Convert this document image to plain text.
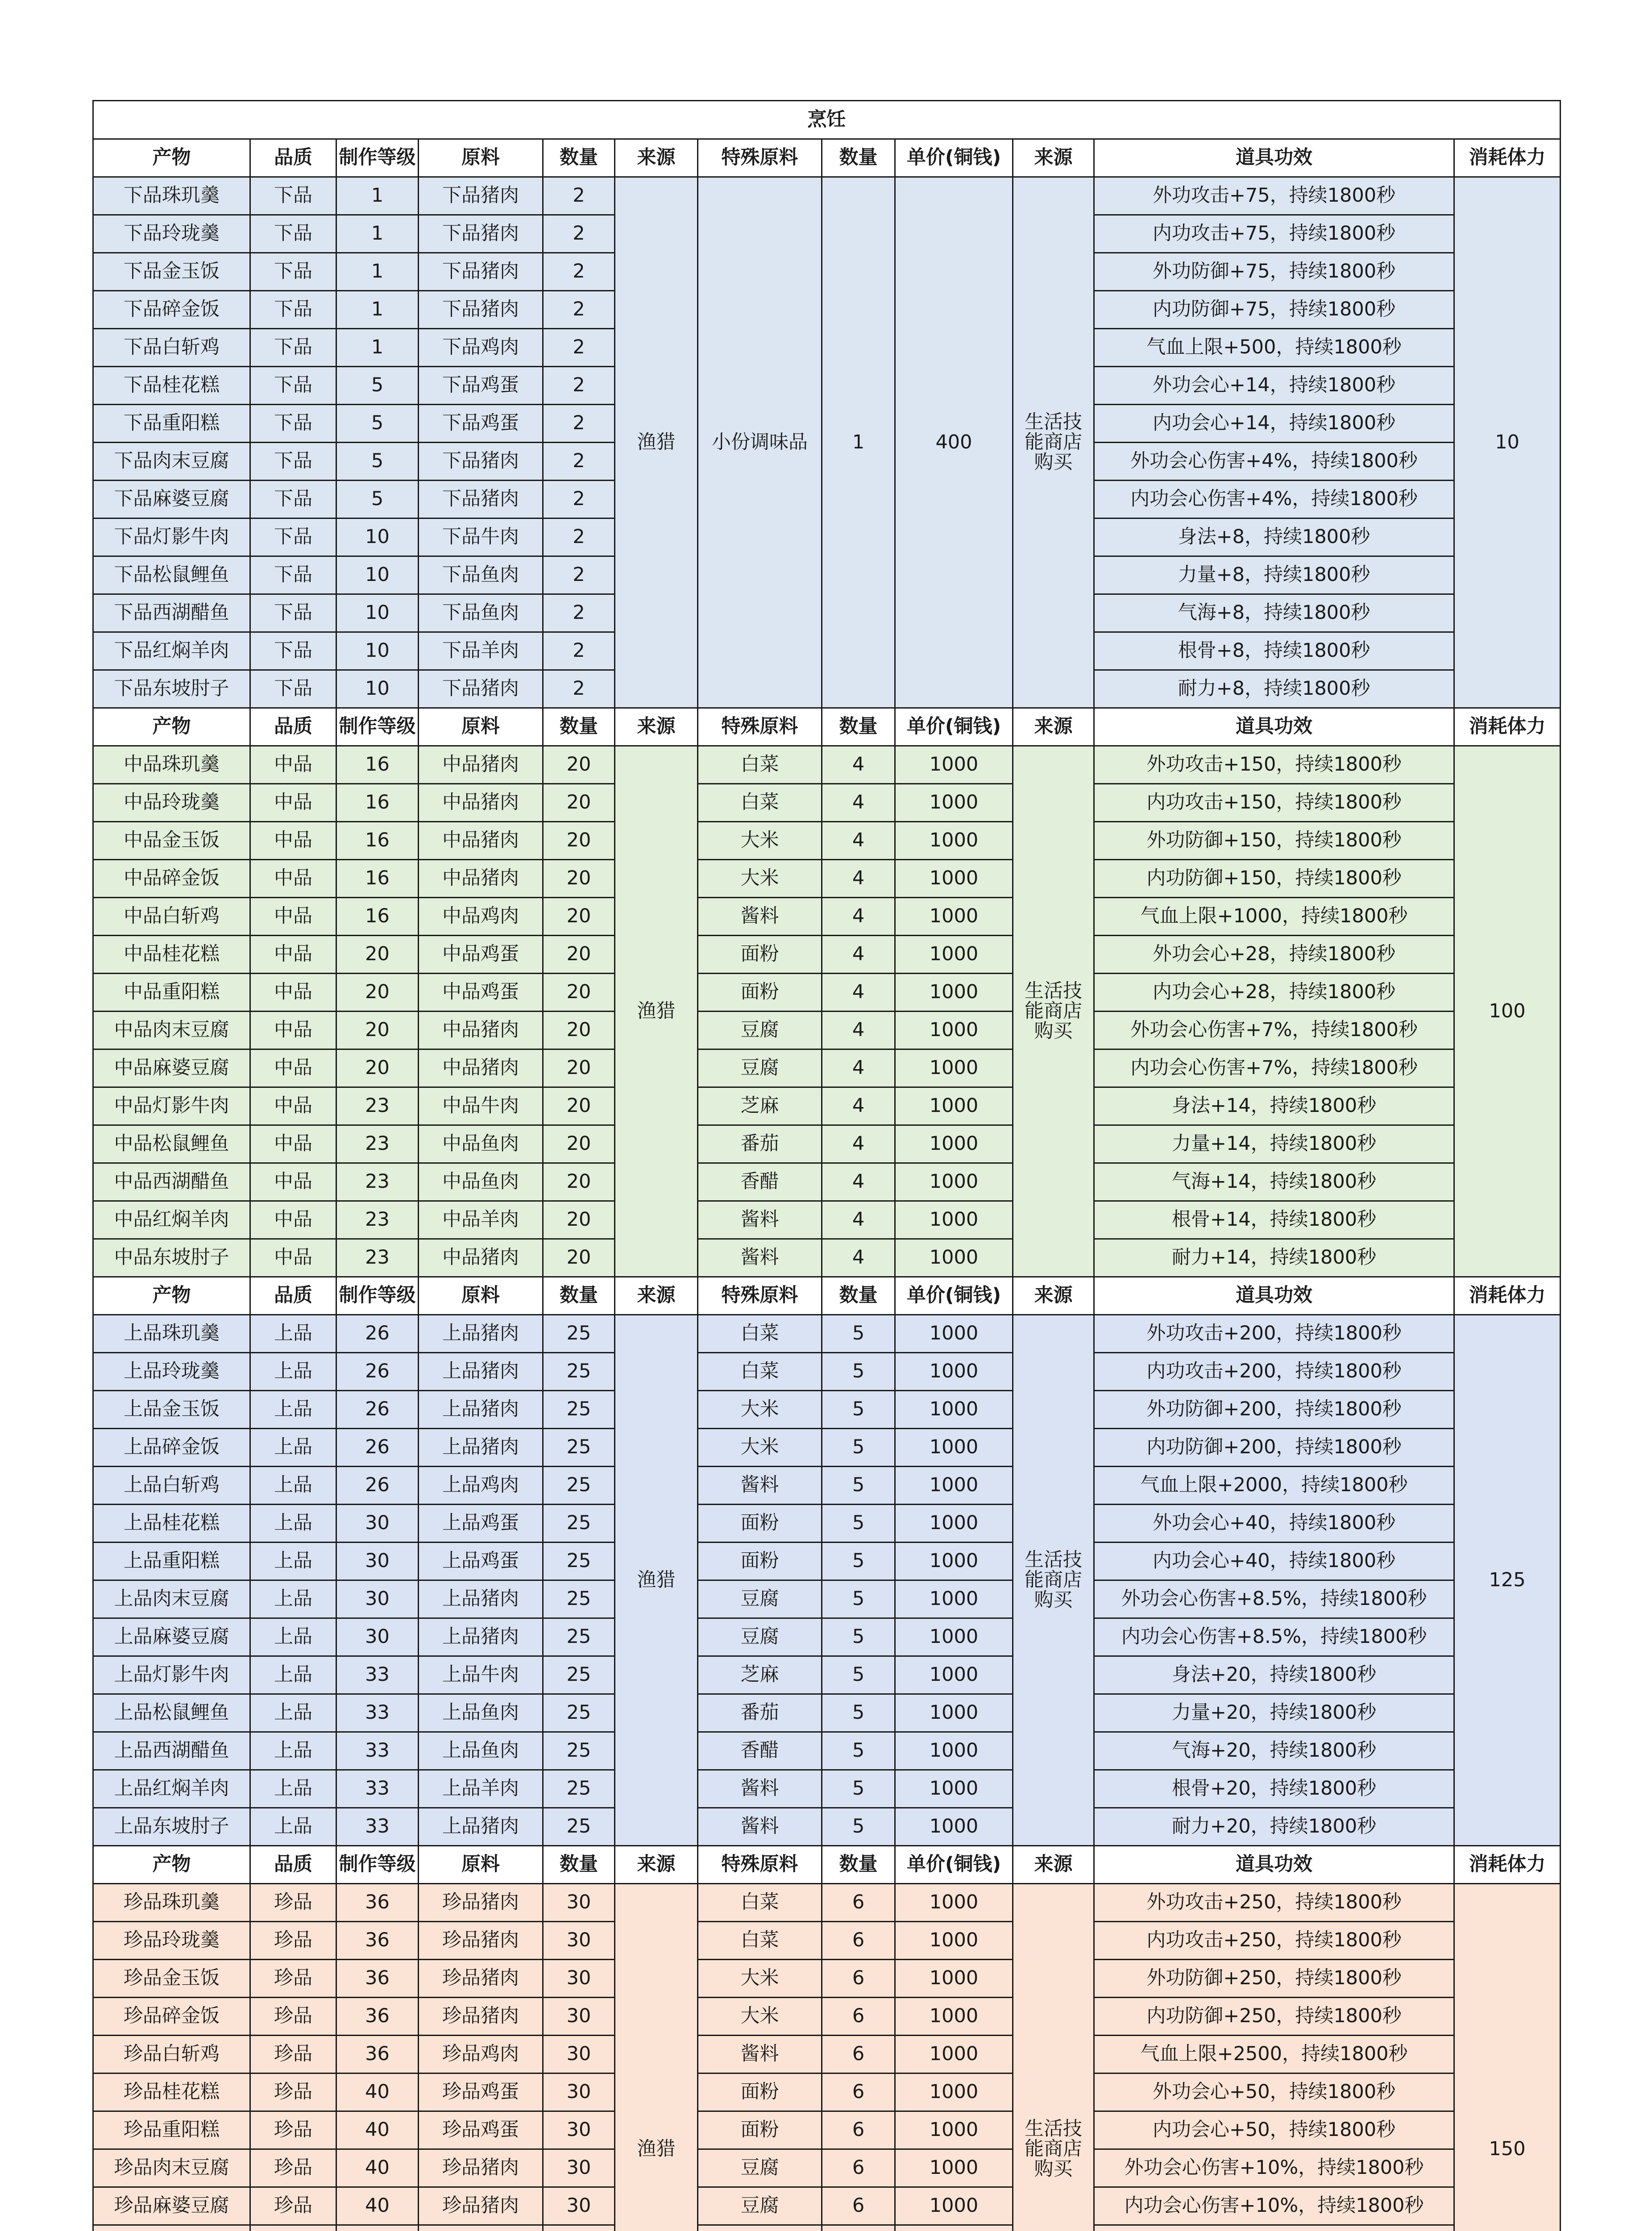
烹饪											
产物	品质	制作等级	原料	数量	来源	特殊原料	数量	单价(铜钱)	来源	道具功效	消耗体力
下品珠玑羹	下品	1	下品猪肉	2	渔猎	小份调味品	1	400	生活技能商店购买	外功攻击+75，持续1800秒	10
下品玲珑羹	下品	1	下品猪肉	2						内功攻击+75，持续1800秒	
下品金玉饭	下品	1	下品猪肉	2						外功防御+75，持续1800秒	
下品碎金饭	下品	1	下品猪肉	2						内功防御+75，持续1800秒	
下品白斩鸡	下品	1	下品鸡肉	2						气血上限+500，持续1800秒	
下品桂花糕	下品	5	下品鸡蛋	2						外功会心+14，持续1800秒	
下品重阳糕	下品	5	下品鸡蛋	2						内功会心+14，持续1800秒	
下品肉末豆腐	下品	5	下品猪肉	2						外功会心伤害+4%，持续1800秒	
下品麻婆豆腐	下品	5	下品猪肉	2						内功会心伤害+4%，持续1800秒	
下品灯影牛肉	下品	10	下品牛肉	2						身法+8，持续1800秒	
下品松鼠鲤鱼	下品	10	下品鱼肉	2						力量+8，持续1800秒	
下品西湖醋鱼	下品	10	下品鱼肉	2						气海+8，持续1800秒	
下品红焖羊肉	下品	10	下品羊肉	2						根骨+8，持续1800秒	
下品东坡肘子	下品	10	下品猪肉	2						耐力+8，持续1800秒	
产物	品质	制作等级	原料	数量	来源	特殊原料	数量	单价(铜钱)	来源	道具功效	消耗体力
中品珠玑羹	中品	16	中品猪肉	20	渔猎	白菜	4	1000	生活技能商店购买	外功攻击+150，持续1800秒	100
中品玲珑羹	中品	16	中品猪肉	20		白菜	4	1000		内功攻击+150，持续1800秒	
中品金玉饭	中品	16	中品猪肉	20		大米	4	1000		外功防御+150，持续1800秒	
中品碎金饭	中品	16	中品猪肉	20		大米	4	1000		内功防御+150，持续1800秒	
中品白斩鸡	中品	16	中品鸡肉	20		酱料	4	1000		气血上限+1000，持续1800秒	
中品桂花糕	中品	20	中品鸡蛋	20		面粉	4	1000		外功会心+28，持续1800秒	
中品重阳糕	中品	20	中品鸡蛋	20		面粉	4	1000		内功会心+28，持续1800秒	
中品肉末豆腐	中品	20	中品猪肉	20		豆腐	4	1000		外功会心伤害+7%，持续1800秒	
中品麻婆豆腐	中品	20	中品猪肉	20		豆腐	4	1000		内功会心伤害+7%，持续1800秒	
中品灯影牛肉	中品	23	中品牛肉	20		芝麻	4	1000		身法+14，持续1800秒	
中品松鼠鲤鱼	中品	23	中品鱼肉	20		番茄	4	1000		力量+14，持续1800秒	
中品西湖醋鱼	中品	23	中品鱼肉	20		香醋	4	1000		气海+14，持续1800秒	
中品红焖羊肉	中品	23	中品羊肉	20		酱料	4	1000		根骨+14，持续1800秒	
中品东坡肘子	中品	23	中品猪肉	20		酱料	4	1000		耐力+14，持续1800秒	
产物	品质	制作等级	原料	数量	来源	特殊原料	数量	单价(铜钱)	来源	道具功效	消耗体力
上品珠玑羹	上品	26	上品猪肉	25	渔猎	白菜	5	1000	生活技能商店购买	外功攻击+200，持续1800秒	125
上品玲珑羹	上品	26	上品猪肉	25		白菜	5	1000		内功攻击+200，持续1800秒	
上品金玉饭	上品	26	上品猪肉	25		大米	5	1000		外功防御+200，持续1800秒	
上品碎金饭	上品	26	上品猪肉	25		大米	5	1000		内功防御+200，持续1800秒	
上品白斩鸡	上品	26	上品鸡肉	25		酱料	5	1000		气血上限+2000，持续1800秒	
上品桂花糕	上品	30	上品鸡蛋	25		面粉	5	1000		外功会心+40，持续1800秒	
上品重阳糕	上品	30	上品鸡蛋	25		面粉	5	1000		内功会心+40，持续1800秒	
上品肉末豆腐	上品	30	上品猪肉	25		豆腐	5	1000		外功会心伤害+8.5%，持续1800秒	
上品麻婆豆腐	上品	30	上品猪肉	25		豆腐	5	1000		内功会心伤害+8.5%，持续1800秒	
上品灯影牛肉	上品	33	上品牛肉	25		芝麻	5	1000		身法+20，持续1800秒	
上品松鼠鲤鱼	上品	33	上品鱼肉	25		番茄	5	1000		力量+20，持续1800秒	
上品西湖醋鱼	上品	33	上品鱼肉	25		香醋	5	1000		气海+20，持续1800秒	
上品红焖羊肉	上品	33	上品羊肉	25		酱料	5	1000		根骨+20，持续1800秒	
上品东坡肘子	上品	33	上品猪肉	25		酱料	5	1000		耐力+20，持续1800秒	
产物	品质	制作等级	原料	数量	来源	特殊原料	数量	单价(铜钱)	来源	道具功效	消耗体力
珍品珠玑羹	珍品	36	珍品猪肉	30	渔猎	白菜	6	1000	生活技能商店购买	外功攻击+250，持续1800秒	150
珍品玲珑羹	珍品	36	珍品猪肉	30		白菜	6	1000		内功攻击+250，持续1800秒	
珍品金玉饭	珍品	36	珍品猪肉	30		大米	6	1000		外功防御+250，持续1800秒	
珍品碎金饭	珍品	36	珍品猪肉	30		大米	6	1000		内功防御+250，持续1800秒	
珍品白斩鸡	珍品	36	珍品鸡肉	30		酱料	6	1000		气血上限+2500，持续1800秒	
珍品桂花糕	珍品	40	珍品鸡蛋	30		面粉	6	1000		外功会心+50，持续1800秒	
珍品重阳糕	珍品	40	珍品鸡蛋	30		面粉	6	1000		内功会心+50，持续1800秒	
珍品肉末豆腐	珍品	40	珍品猪肉	30		豆腐	6	1000		外功会心伤害+10%，持续1800秒	
珍品麻婆豆腐	珍品	40	珍品猪肉	30		豆腐	6	1000		内功会心伤害+10%，持续1800秒	
